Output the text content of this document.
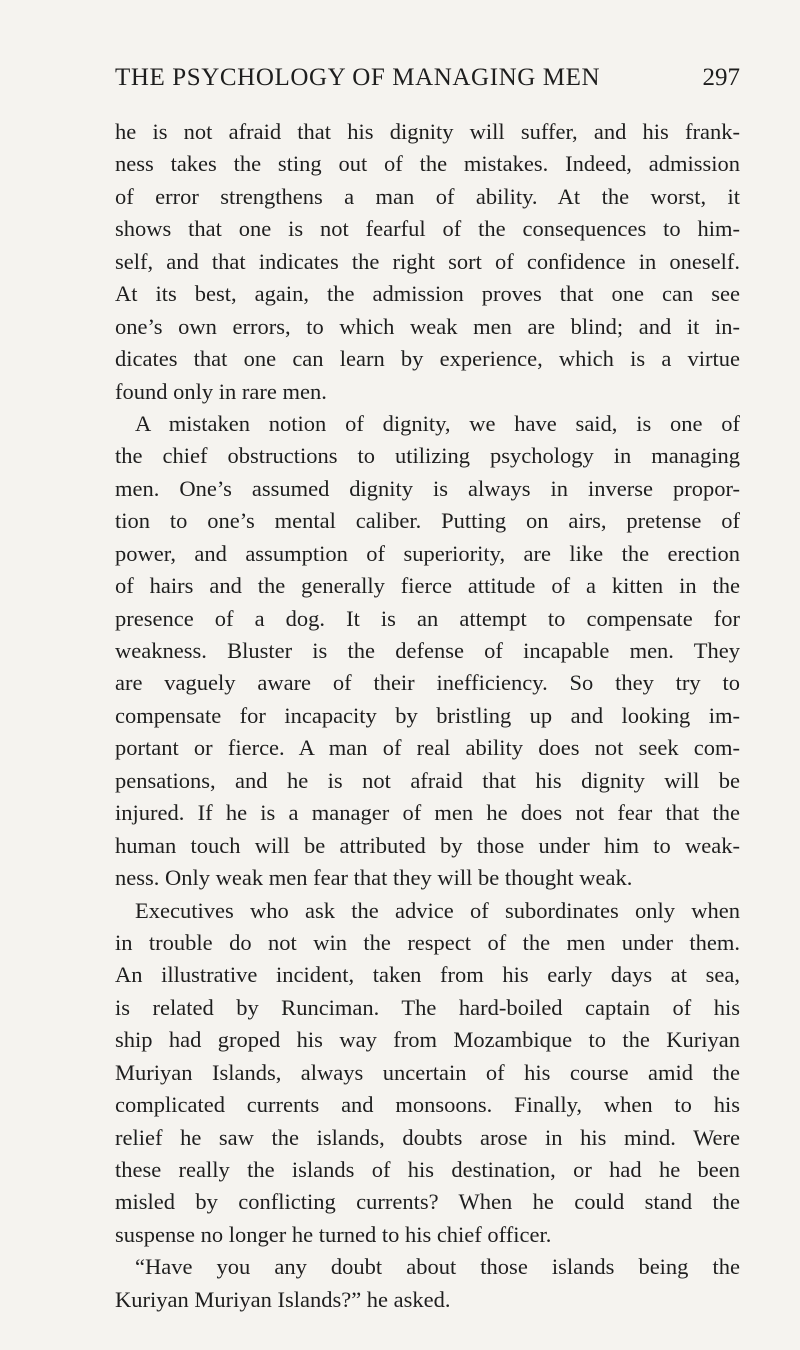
THE PSYCHOLOGY OF MANAGING MEN	297
he is not afraid that his dignity will suffer, and his frank-
ness takes the sting out of the mistakes. Indeed, admission
of error strengthens a man of ability. At the worst, it
shows that one is not fearful of the consequences to him-
self, and that indicates the right sort of confidence in oneself.
At its best, again, the admission proves that one can see
one’s own errors, to which weak men are blind; and it in-
dicates that one can learn by experience, which is a virtue
found only in rare men.
A mistaken notion of dignity, we have said, is one of
the chief obstructions to utilizing psychology in managing
men. One’s assumed dignity is always in inverse propor-
tion to one’s mental caliber. Putting on airs, pretense of
power, and assumption of superiority, are like the erection
of hairs and the generally fierce attitude of a kitten in the
presence of a dog. It is an attempt to compensate for
weakness. Bluster is the defense of incapable men. They
are vaguely aware of their inefficiency. So they try to
compensate for incapacity by bristling up and looking im-
portant or fierce. A man of real ability does not seek com-
pensations, and he is not afraid that his dignity will be
injured. If he is a manager of men he does not fear that the
human touch will be attributed by those under him to weak-
ness. Only weak men fear that they will be thought weak.
Executives who ask the advice of subordinates only when
in trouble do not win the respect of the men under them.
An illustrative incident, taken from his early days at sea,
is related by Runciman. The hard-boiled captain of his
ship had groped his way from Mozambique to the Kuriyan
Muriyan Islands, always uncertain of his course amid the
complicated currents and monsoons. Finally, when to his
relief he saw the islands, doubts arose in his mind. Were
these really the islands of his destination, or had he been
misled by conflicting currents? When he could stand the
suspense no longer he turned to his chief officer.
“Have you any doubt about those islands being the
Kuriyan Muriyan Islands?” he asked.
